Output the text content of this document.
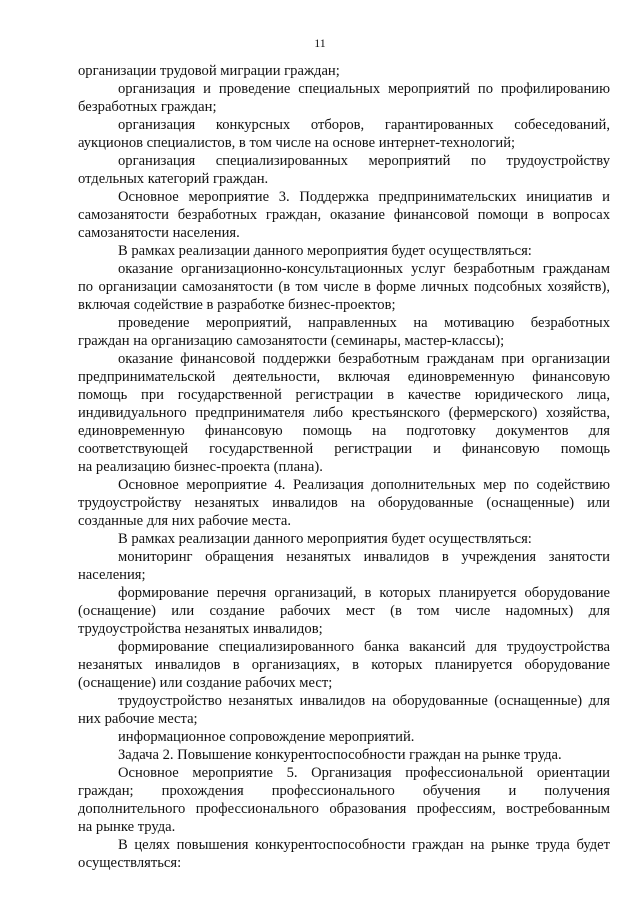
11
организации трудовой миграции граждан;
организация и проведение специальных мероприятий по профилированию
безработных граждан;
организация конкурсных отборов, гарантированных собеседований,
аукционов специалистов, в том числе на основе интернет-технологий;
организация специализированных мероприятий по трудоустройству
отдельных категорий граждан.
Основное мероприятие 3. Поддержка предпринимательских инициатив и
самозанятости безработных граждан, оказание финансовой помощи в вопросах
самозанятости населения.
В рамках реализации данного мероприятия будет осуществляться:
оказание организационно-консультационных услуг безработным гражданам
по организации самозанятости (в том числе в форме личных подсобных хозяйств),
включая содействие в разработке бизнес-проектов;
проведение мероприятий, направленных на мотивацию безработных
граждан на организацию самозанятости (семинары, мастер-классы);
оказание финансовой поддержки безработным гражданам при организации
предпринимательской деятельности, включая единовременную финансовую
помощь при государственной регистрации в качестве юридического лица,
индивидуального предпринимателя либо крестьянского (фермерского) хозяйства,
единовременную финансовую помощь на подготовку документов для
соответствующей государственной регистрации и финансовую помощь
на реализацию бизнес-проекта (плана).
Основное мероприятие 4. Реализация дополнительных мер по содействию
трудоустройству незанятых инвалидов на оборудованные (оснащенные) или
созданные для них рабочие места.
В рамках реализации данного мероприятия будет осуществляться:
мониторинг обращения незанятых инвалидов в учреждения занятости
населения;
формирование перечня организаций, в которых планируется оборудование
(оснащение) или создание рабочих мест (в том числе надомных) для
трудоустройства незанятых инвалидов;
формирование специализированного банка вакансий для трудоустройства
незанятых инвалидов в организациях, в которых планируется оборудование
(оснащение) или создание рабочих мест;
трудоустройство незанятых инвалидов на оборудованные (оснащенные) для
них рабочие места;
информационное сопровождение мероприятий.
Задача 2. Повышение конкурентоспособности граждан на рынке труда.
Основное мероприятие 5. Организация профессиональной ориентации
граждан; прохождения профессионального обучения и получения
дополнительного профессионального образования профессиям, востребованным
на рынке труда.
В целях повышения конкурентоспособности граждан на рынке труда будет
осуществляться:
